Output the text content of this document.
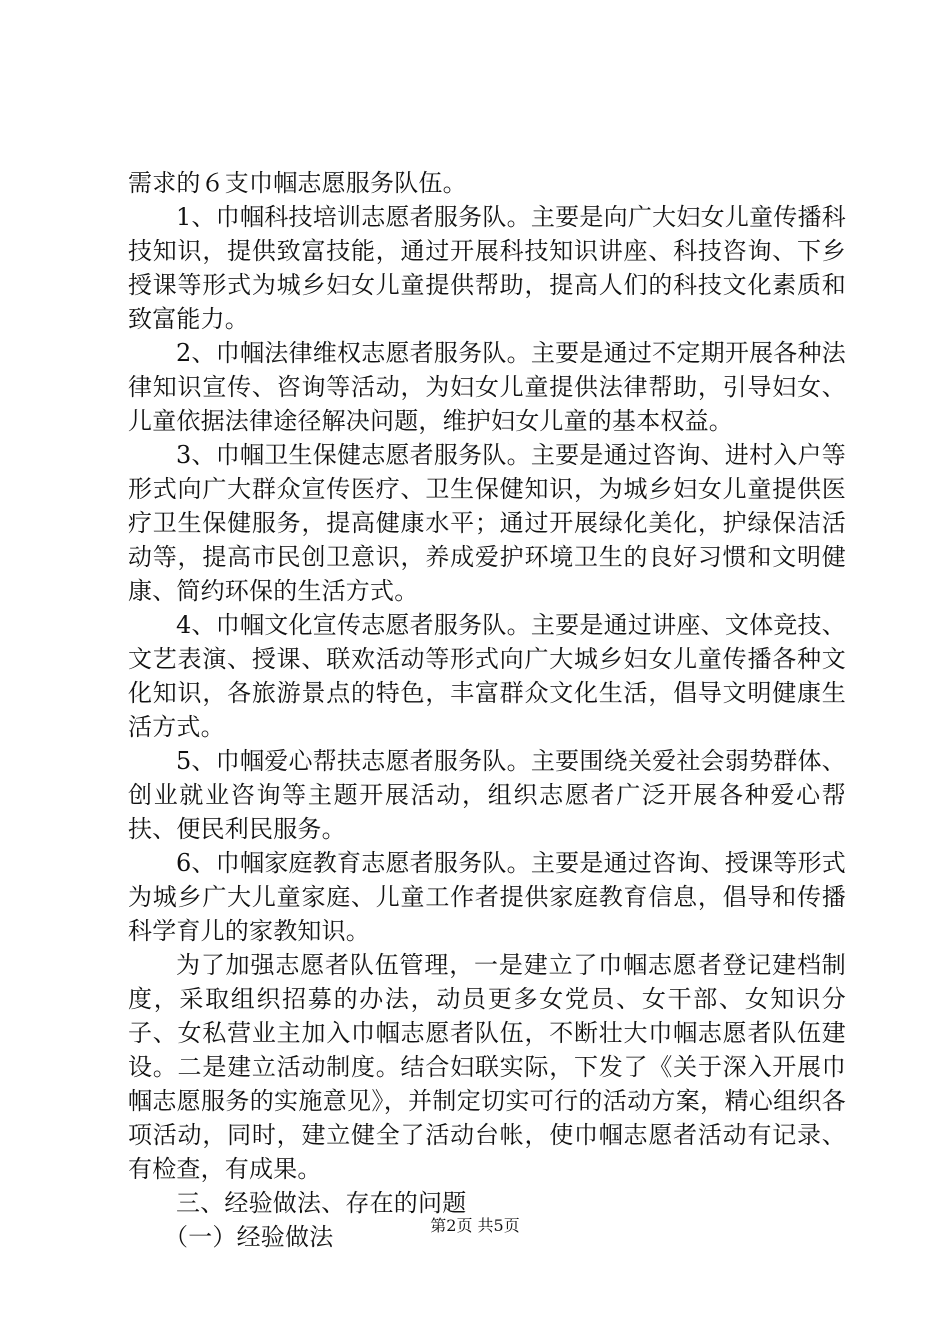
需求的６支巾帼志愿服务队伍。

1、巾帼科技培训志愿者服务队。主要是向广大妇女儿童传播科技知识，提供致富技能，通过开展科技知识讲座、科技咨询、下乡授课等形式为城乡妇女儿童提供帮助，提高人们的科技文化素质和致富能力。

2、巾帼法律维权志愿者服务队。主要是通过不定期开展各种法律知识宣传、咨询等活动，为妇女儿童提供法律帮助，引导妇女、儿童依据法律途径解决问题，维护妇女儿童的基本权益。

3、巾帼卫生保健志愿者服务队。主要是通过咨询、进村入户等形式向广大群众宣传医疗、卫生保健知识，为城乡妇女儿童提供医疗卫生保健服务，提高健康水平；通过开展绿化美化，护绿保洁活动等，提高市民创卫意识，养成爱护环境卫生的良好习惯和文明健康、简约环保的生活方式。

4、巾帼文化宣传志愿者服务队。主要是通过讲座、文体竞技、文艺表演、授课、联欢活动等形式向广大城乡妇女儿童传播各种文化知识，各旅游景点的特色，丰富群众文化生活，倡导文明健康生活方式。

5、巾帼爱心帮扶志愿者服务队。主要围绕关爱社会弱势群体、创业就业咨询等主题开展活动，组织志愿者广泛开展各种爱心帮扶、便民利民服务。

6、巾帼家庭教育志愿者服务队。主要是通过咨询、授课等形式为城乡广大儿童家庭、儿童工作者提供家庭教育信息，倡导和传播科学育儿的家教知识。

为了加强志愿者队伍管理，一是建立了巾帼志愿者登记建档制度，采取组织招募的办法，动员更多女党员、女干部、女知识分子、女私营业主加入巾帼志愿者队伍，不断壮大巾帼志愿者队伍建设。二是建立活动制度。结合妇联实际，下发了《关于深入开展巾帼志愿服务的实施意见》，并制定切实可行的活动方案，精心组织各项活动，同时，建立健全了活动台帐，使巾帼志愿者活动有记录、有检查，有成果。

三、经验做法、存在的问题

（一）经验做法	第2页 共5页
